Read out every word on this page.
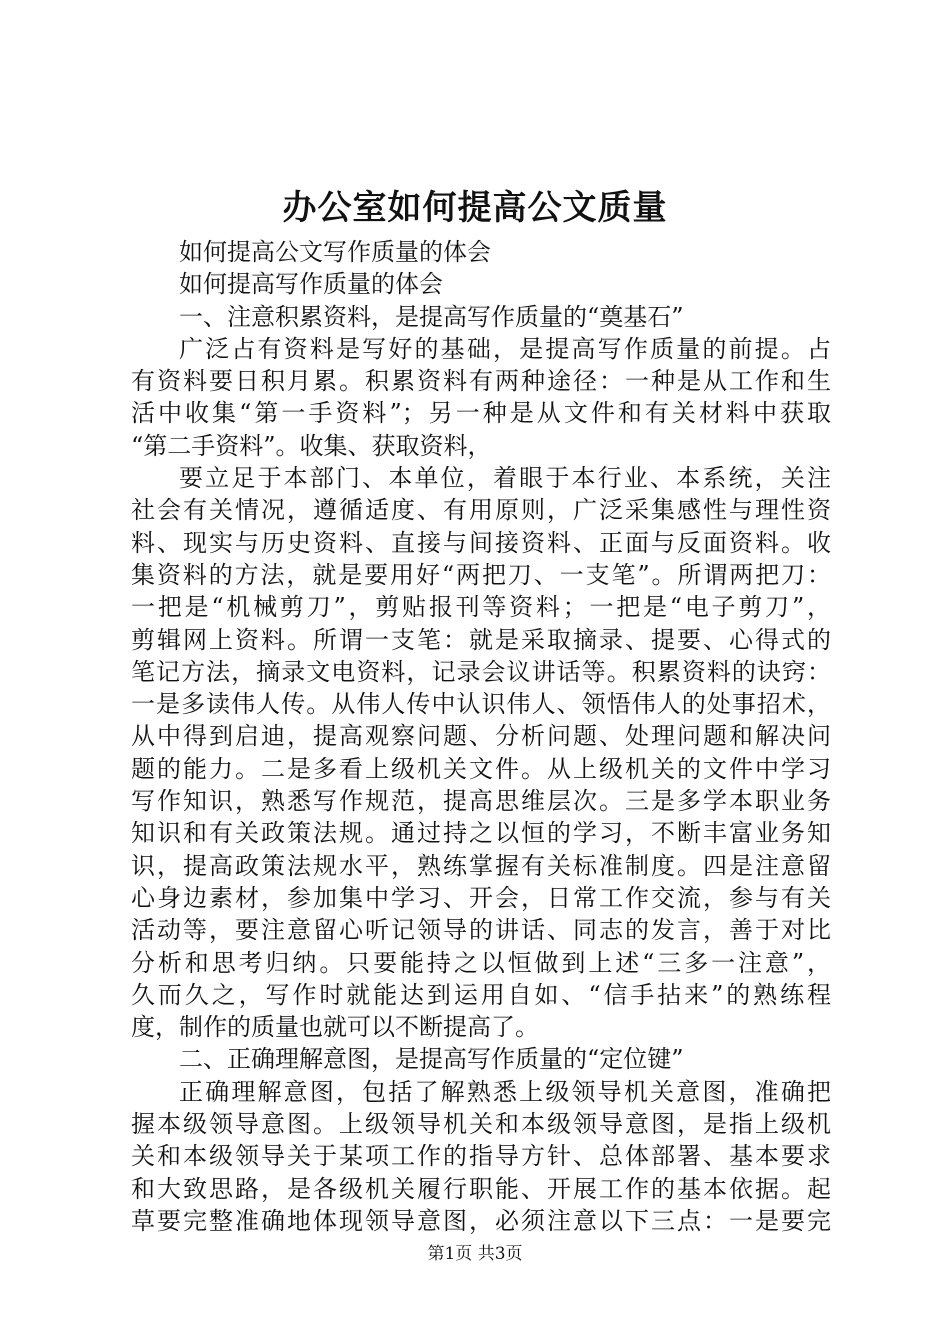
办公室如何提高公文质量
如何提高公文写作质量的体会
如何提高写作质量的体会
一、注意积累资料，是提高写作质量的“奠基石”
广泛占有资料是写好的基础，是提高写作质量的前提。占
有资料要日积月累。积累资料有两种途径：一种是从工作和生
活中收集“第一手资料”；另一种是从文件和有关材料中获取
“第二手资料”。收集、获取资料，
要立足于本部门、本单位，着眼于本行业、本系统，关注
社会有关情况，遵循适度、有用原则，广泛采集感性与理性资
料、现实与历史资料、直接与间接资料、正面与反面资料。收
集资料的方法，就是要用好“两把刀、一支笔”。所谓两把刀：
一把是“机械剪刀”，剪贴报刊等资料；一把是“电子剪刀”，
剪辑网上资料。所谓一支笔：就是采取摘录、提要、心得式的
笔记方法，摘录文电资料，记录会议讲话等。积累资料的诀窍：
一是多读伟人传。从伟人传中认识伟人、领悟伟人的处事招术，
从中得到启迪，提高观察问题、分析问题、处理问题和解决问
题的能力。二是多看上级机关文件。从上级机关的文件中学习
写作知识，熟悉写作规范，提高思维层次。三是多学本职业务
知识和有关政策法规。通过持之以恒的学习，不断丰富业务知
识，提高政策法规水平，熟练掌握有关标准制度。四是注意留
心身边素材，参加集中学习、开会，日常工作交流，参与有关
活动等，要注意留心听记领导的讲话、同志的发言，善于对比
分析和思考归纳。只要能持之以恒做到上述“三多一注意”，
久而久之，写作时就能达到运用自如、“信手拈来”的熟练程
度，制作的质量也就可以不断提高了。
二、正确理解意图，是提高写作质量的“定位键”
正确理解意图，包括了解熟悉上级领导机关意图，准确把
握本级领导意图。上级领导机关和本级领导意图，是指上级机
关和本级领导关于某项工作的指导方针、总体部署、基本要求
和大致思路，是各级机关履行职能、开展工作的基本依据。起
草要完整准确地体现领导意图，必须注意以下三点：一是要完
第1页 共3页
